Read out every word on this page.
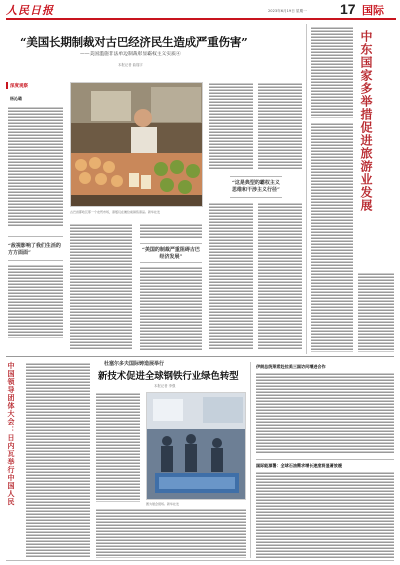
人民日报	2023年6月19日 星期一 17 国际
“美国长期制裁对古巴经济民生造成严重伤害”
——美国滥施非法单边制裁彰显霸权主义实质④
本报记者 曲翔宇
深度观察
杨沁璐
“敌视影响了我们生活的方方面面”
古巴首都哈瓦那一个农贸市场，商贩们在摊位前销售商品。新华社发
“美国的制裁严重阻碍古巴经济发展”
“这是典型的霸权主义思维和干涉主义行径”	中东国家多举措促进旅游业发展
中国领导团体大会：日内瓦举行中国人民	杜塞尔多夫国际铸造展举行
新技术促进全球钢铁行业绿色转型
本报记者 李强
图为展会现场。新华社发
伊朗总统莱希赴拉美三国访问增进合作
国际能源署：全球石油需求增长速度将显著放缓
